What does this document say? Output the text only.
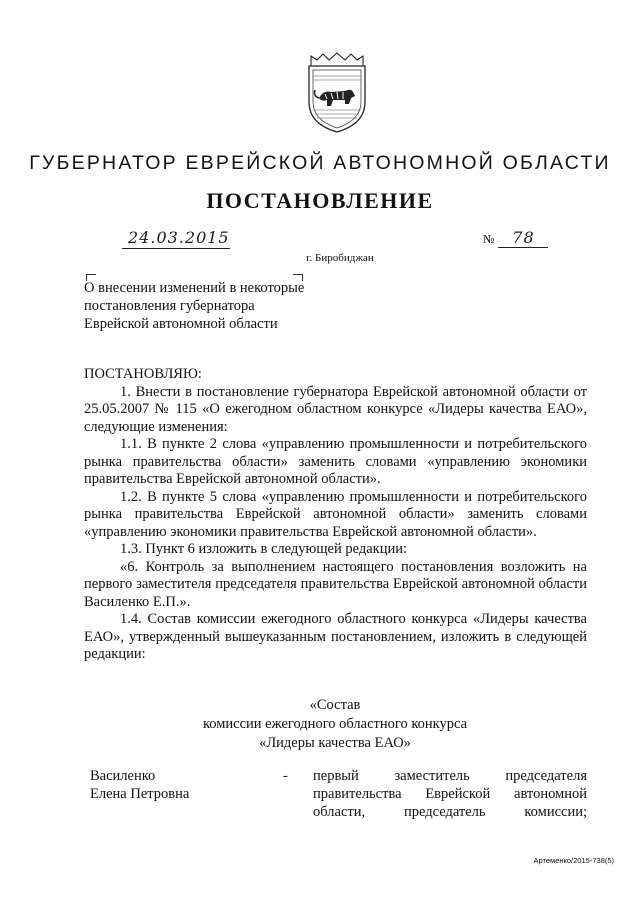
ГУБЕРНАТОР ЕВРЕЙСКОЙ АВТОНОМНОЙ ОБЛАСТИ
ПОСТАНОВЛЕНИЕ
24.03.2015	№ 78
г. Биробиджан
О внесении изменений в некоторые
постановления губернатора
Еврейской автономной области

ПОСТАНОВЛЯЮ:

1. Внести в постановление губернатора Еврейской автономной области от 25.05.2007 № 115 «О ежегодном областном конкурсе «Лидеры качества ЕАО», следующие изменения:

1.1. В пункте 2 слова «управлению промышленности и потребительского рынка правительства области» заменить словами «управлению экономики правительства Еврейской автономной области».

1.2. В пункте 5 слова «управлению промышленности и потребительского рынка правительства Еврейской автономной области» заменить словами «управлению экономики правительства Еврейской автономной области».

1.3. Пункт 6 изложить в следующей редакции:

«6. Контроль за выполнением настоящего постановления возложить на первого заместителя председателя правительства Еврейской автономной области Василенко Е.П.».

1.4. Состав комиссии ежегодного областного конкурса «Лидеры качества ЕАО», утвержденный вышеуказанным постановлением, изложить в следующей редакции:

«Состав
комиссии ежегодного областного конкурса
«Лидеры качества ЕАО»
Василенко
Елена Петровна
-	первый заместитель председателя правительства Еврейской автономной области, председатель комиссии;

Артеменко/2015-738(5)
